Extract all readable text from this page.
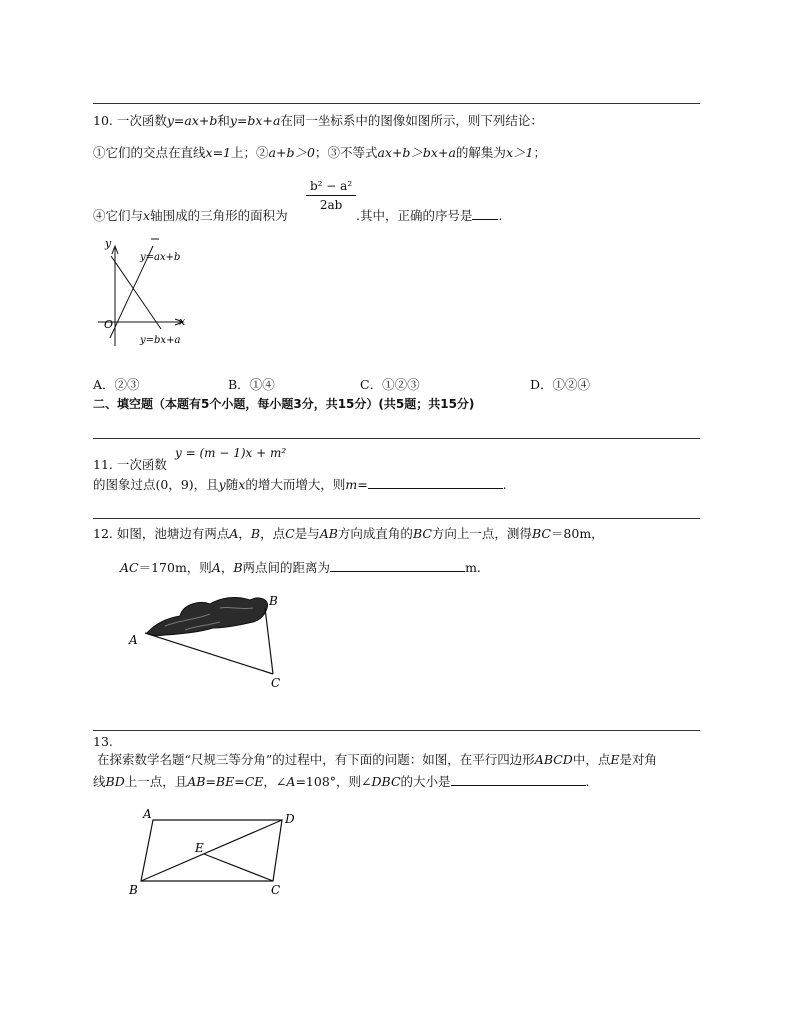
10. 一次函数y=ax+b和y=bx+a在同一坐标系中的图像如图所示，则下列结论：
①它们的交点在直线x=1上；②a+b＞0；③不等式ax+b＞bx+a的解集为x＞1；
$\frac{\text{b² − a²}}{2ab}$
④它们与x轴围成的三角形的面积为	.其中，正确的序号是 .
y
x
O
y=ax+b
y=bx+a
A．②③	B．①④	C．①②③	D．①②④
二、填空题（本题有5个小题，每小题3分，共15分）(共5题；共15分)
11. 一次函数
y = (m − 1)x + m²
的图象过点(0，9)，且y随x的增大而增大，则m=	.
12. 如图，池塘边有两点A，B，点C是与AB方向成直角的BC方向上一点，测得BC＝80m，
AC＝170m，则A，B两点间的距离为	m.
A
B
C
13.
在探索数学名题“尺规三等分角”的过程中，有下面的问题：如图，在平行四边形ABCD中，点E是对角
线BD上一点，且AB=BE=CE，∠A=108°，则∠DBC的大小是	.
A	D
B	C
E
